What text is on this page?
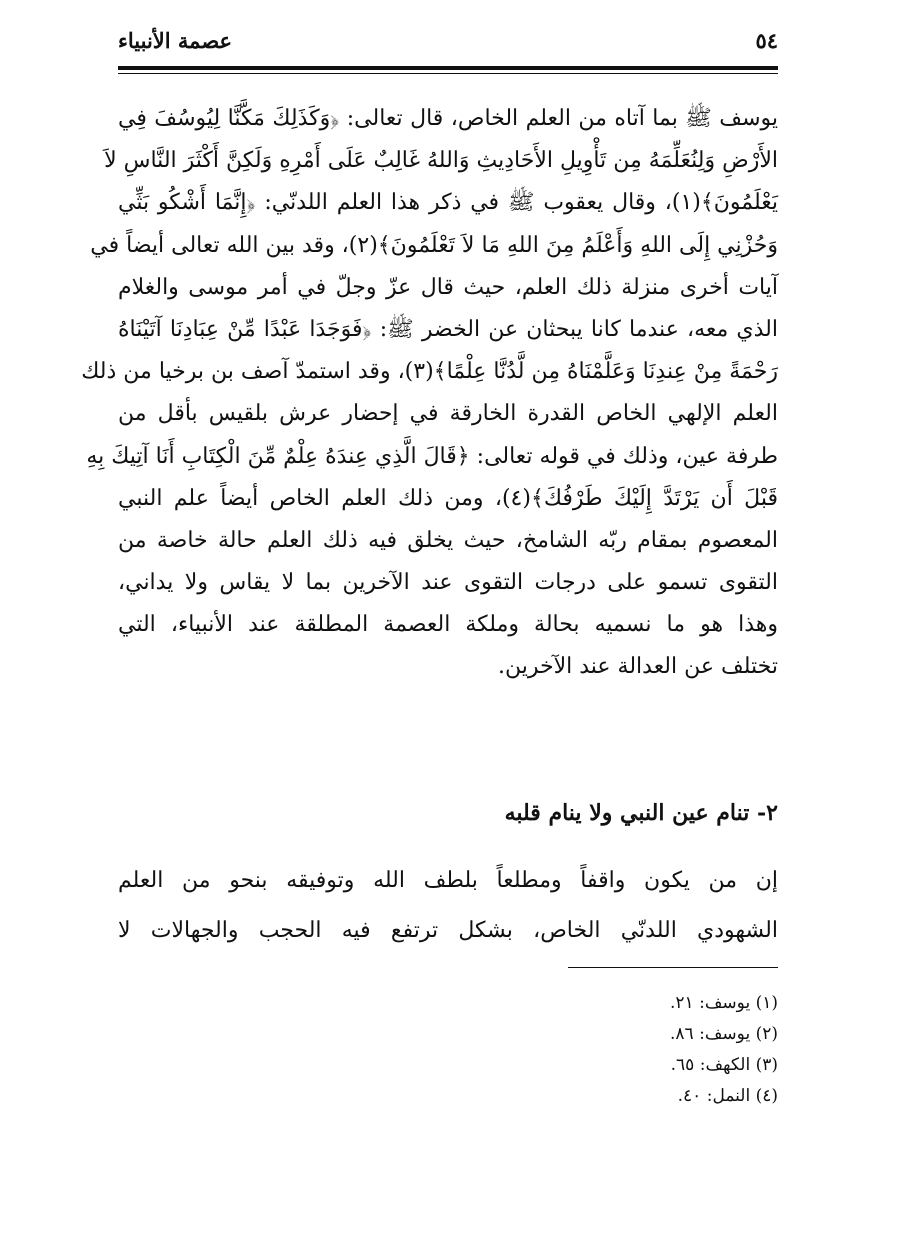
٥٤
عصمة الأنبياء
يوسف ﷺ بما آتاه من العلم الخاص، قال تعالى: ﴿وَكَذَلِكَ مَكَّنَّا لِيُوسُفَ فِي
الأَرْضِ وَلِنُعَلِّمَهُ مِن تَأْوِيلِ الأَحَادِيثِ وَاللهُ غَالِبٌ عَلَى أَمْرِهِ وَلَكِنَّ أَكْثَرَ النَّاسِ لاَ
يَعْلَمُونَ﴾(١)، وقال يعقوب ﷺ في ذكر هذا العلم اللدنّي: ﴿إِنَّمَا أَشْكُو بَثِّي
وَحُزْنِي إِلَى اللهِ وَأَعْلَمُ مِنَ اللهِ مَا لاَ تَعْلَمُونَ﴾(٢)، وقد بين الله تعالى أيضاً في
آيات أخرى منزلة ذلك العلم، حيث قال عزّ وجلّ في أمر موسى والغلام
الذي معه، عندما كانا يبحثان عن الخضر ﷺ: ﴿فَوَجَدَا عَبْدًا مِّنْ عِبَادِنَا آتَيْنَاهُ
رَحْمَةً مِنْ عِندِنَا وَعَلَّمْنَاهُ مِن لَّدُنَّا عِلْمًا﴾(٣)، وقد استمدّ آصف بن برخيا من ذلك
العلم الإلهي الخاص القدرة الخارقة في إحضار عرش بلقيس بأقل من
طرفة عين، وذلك في قوله تعالى: ﴿قَالَ الَّذِي عِندَهُ عِلْمٌ مِّنَ الْكِتَابِ أَنَا آتِيكَ بِهِ
قَبْلَ أَن يَرْتَدَّ إِلَيْكَ طَرْفُكَ﴾(٤)، ومن ذلك العلم الخاص أيضاً علم النبي
المعصوم بمقام ربّه الشامخ، حيث يخلق فيه ذلك العلم حالة خاصة من
التقوى تسمو على درجات التقوى عند الآخرين بما لا يقاس ولا يداني،
وهذا هو ما نسميه بحالة وملكة العصمة المطلقة عند الأنبياء، التي
تختلف عن العدالة عند الآخرين.
٢- تنام عين النبي ولا ينام قلبه
إن من يكون واقفاً ومطلعاً بلطف الله وتوفيقه بنحو من العلم
الشهودي اللدنّي الخاص، بشكل ترتفع فيه الحجب والجهالات لا
(١) يوسف: ٢١.
(٢) يوسف: ٨٦.
(٣) الكهف: ٦٥.
(٤) النمل: ٤٠.
